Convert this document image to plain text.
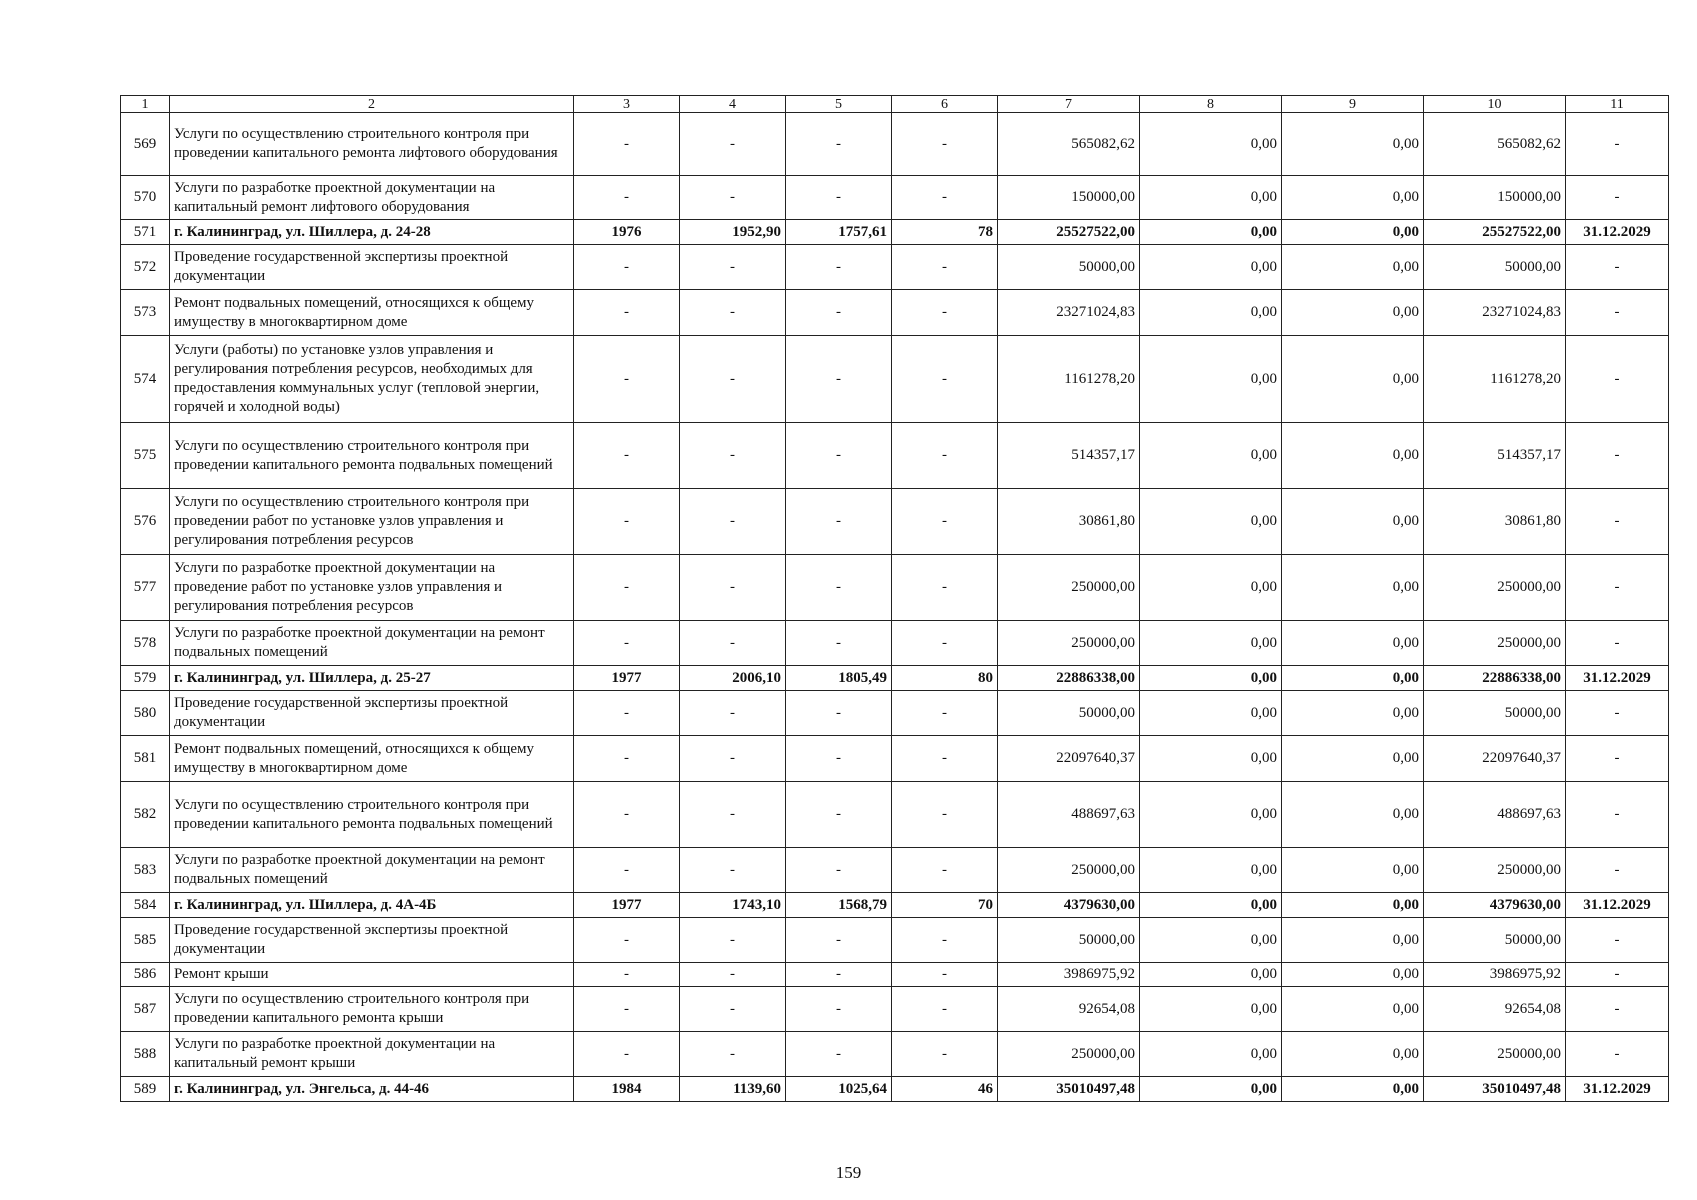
1	2	3	4	5	6	7	8	9	10	11
569	Услуги по осуществлению строительного контроля при проведении капитального ремонта лифтового оборудования	-	-	-	-	565082,62	0,00	0,00	565082,62	-
570	Услуги по разработке проектной документации на капитальный ремонт лифтового оборудования	-	-	-	-	150000,00	0,00	0,00	150000,00	-
571	г. Калининград, ул. Шиллера, д. 24-28	1976	1952,90	1757,61	78	25527522,00	0,00	0,00	25527522,00	31.12.2029
572	Проведение государственной экспертизы проектной документации	-	-	-	-	50000,00	0,00	0,00	50000,00	-
573	Ремонт подвальных помещений, относящихся к общему имуществу в многоквартирном доме	-	-	-	-	23271024,83	0,00	0,00	23271024,83	-
574	Услуги (работы) по установке узлов управления и регулирования потребления ресурсов, необходимых для предоставления коммунальных услуг (тепловой энергии, горячей и холодной воды)	-	-	-	-	1161278,20	0,00	0,00	1161278,20	-
575	Услуги по осуществлению строительного контроля при проведении капитального ремонта подвальных помещений	-	-	-	-	514357,17	0,00	0,00	514357,17	-
576	Услуги по осуществлению строительного контроля при проведении работ по установке узлов управления и регулирования потребления ресурсов	-	-	-	-	30861,80	0,00	0,00	30861,80	-
577	Услуги по разработке проектной документации на проведение работ по установке узлов управления и регулирования потребления ресурсов	-	-	-	-	250000,00	0,00	0,00	250000,00	-
578	Услуги по разработке проектной документации на ремонт подвальных помещений	-	-	-	-	250000,00	0,00	0,00	250000,00	-
579	г. Калининград, ул. Шиллера, д. 25-27	1977	2006,10	1805,49	80	22886338,00	0,00	0,00	22886338,00	31.12.2029
580	Проведение государственной экспертизы проектной документации	-	-	-	-	50000,00	0,00	0,00	50000,00	-
581	Ремонт подвальных помещений, относящихся к общему имуществу в многоквартирном доме	-	-	-	-	22097640,37	0,00	0,00	22097640,37	-
582	Услуги по осуществлению строительного контроля при проведении капитального ремонта подвальных помещений	-	-	-	-	488697,63	0,00	0,00	488697,63	-
583	Услуги по разработке проектной документации на ремонт подвальных помещений	-	-	-	-	250000,00	0,00	0,00	250000,00	-
584	г. Калининград, ул. Шиллера, д. 4А-4Б	1977	1743,10	1568,79	70	4379630,00	0,00	0,00	4379630,00	31.12.2029
585	Проведение государственной экспертизы проектной документации	-	-	-	-	50000,00	0,00	0,00	50000,00	-
586	Ремонт крыши	-	-	-	-	3986975,92	0,00	0,00	3986975,92	-
587	Услуги по осуществлению строительного контроля при проведении капитального ремонта крыши	-	-	-	-	92654,08	0,00	0,00	92654,08	-
588	Услуги по разработке проектной документации на капитальный ремонт крыши	-	-	-	-	250000,00	0,00	0,00	250000,00	-
589	г. Калининград, ул. Энгельса, д. 44-46	1984	1139,60	1025,64	46	35010497,48	0,00	0,00	35010497,48	31.12.2029
159
